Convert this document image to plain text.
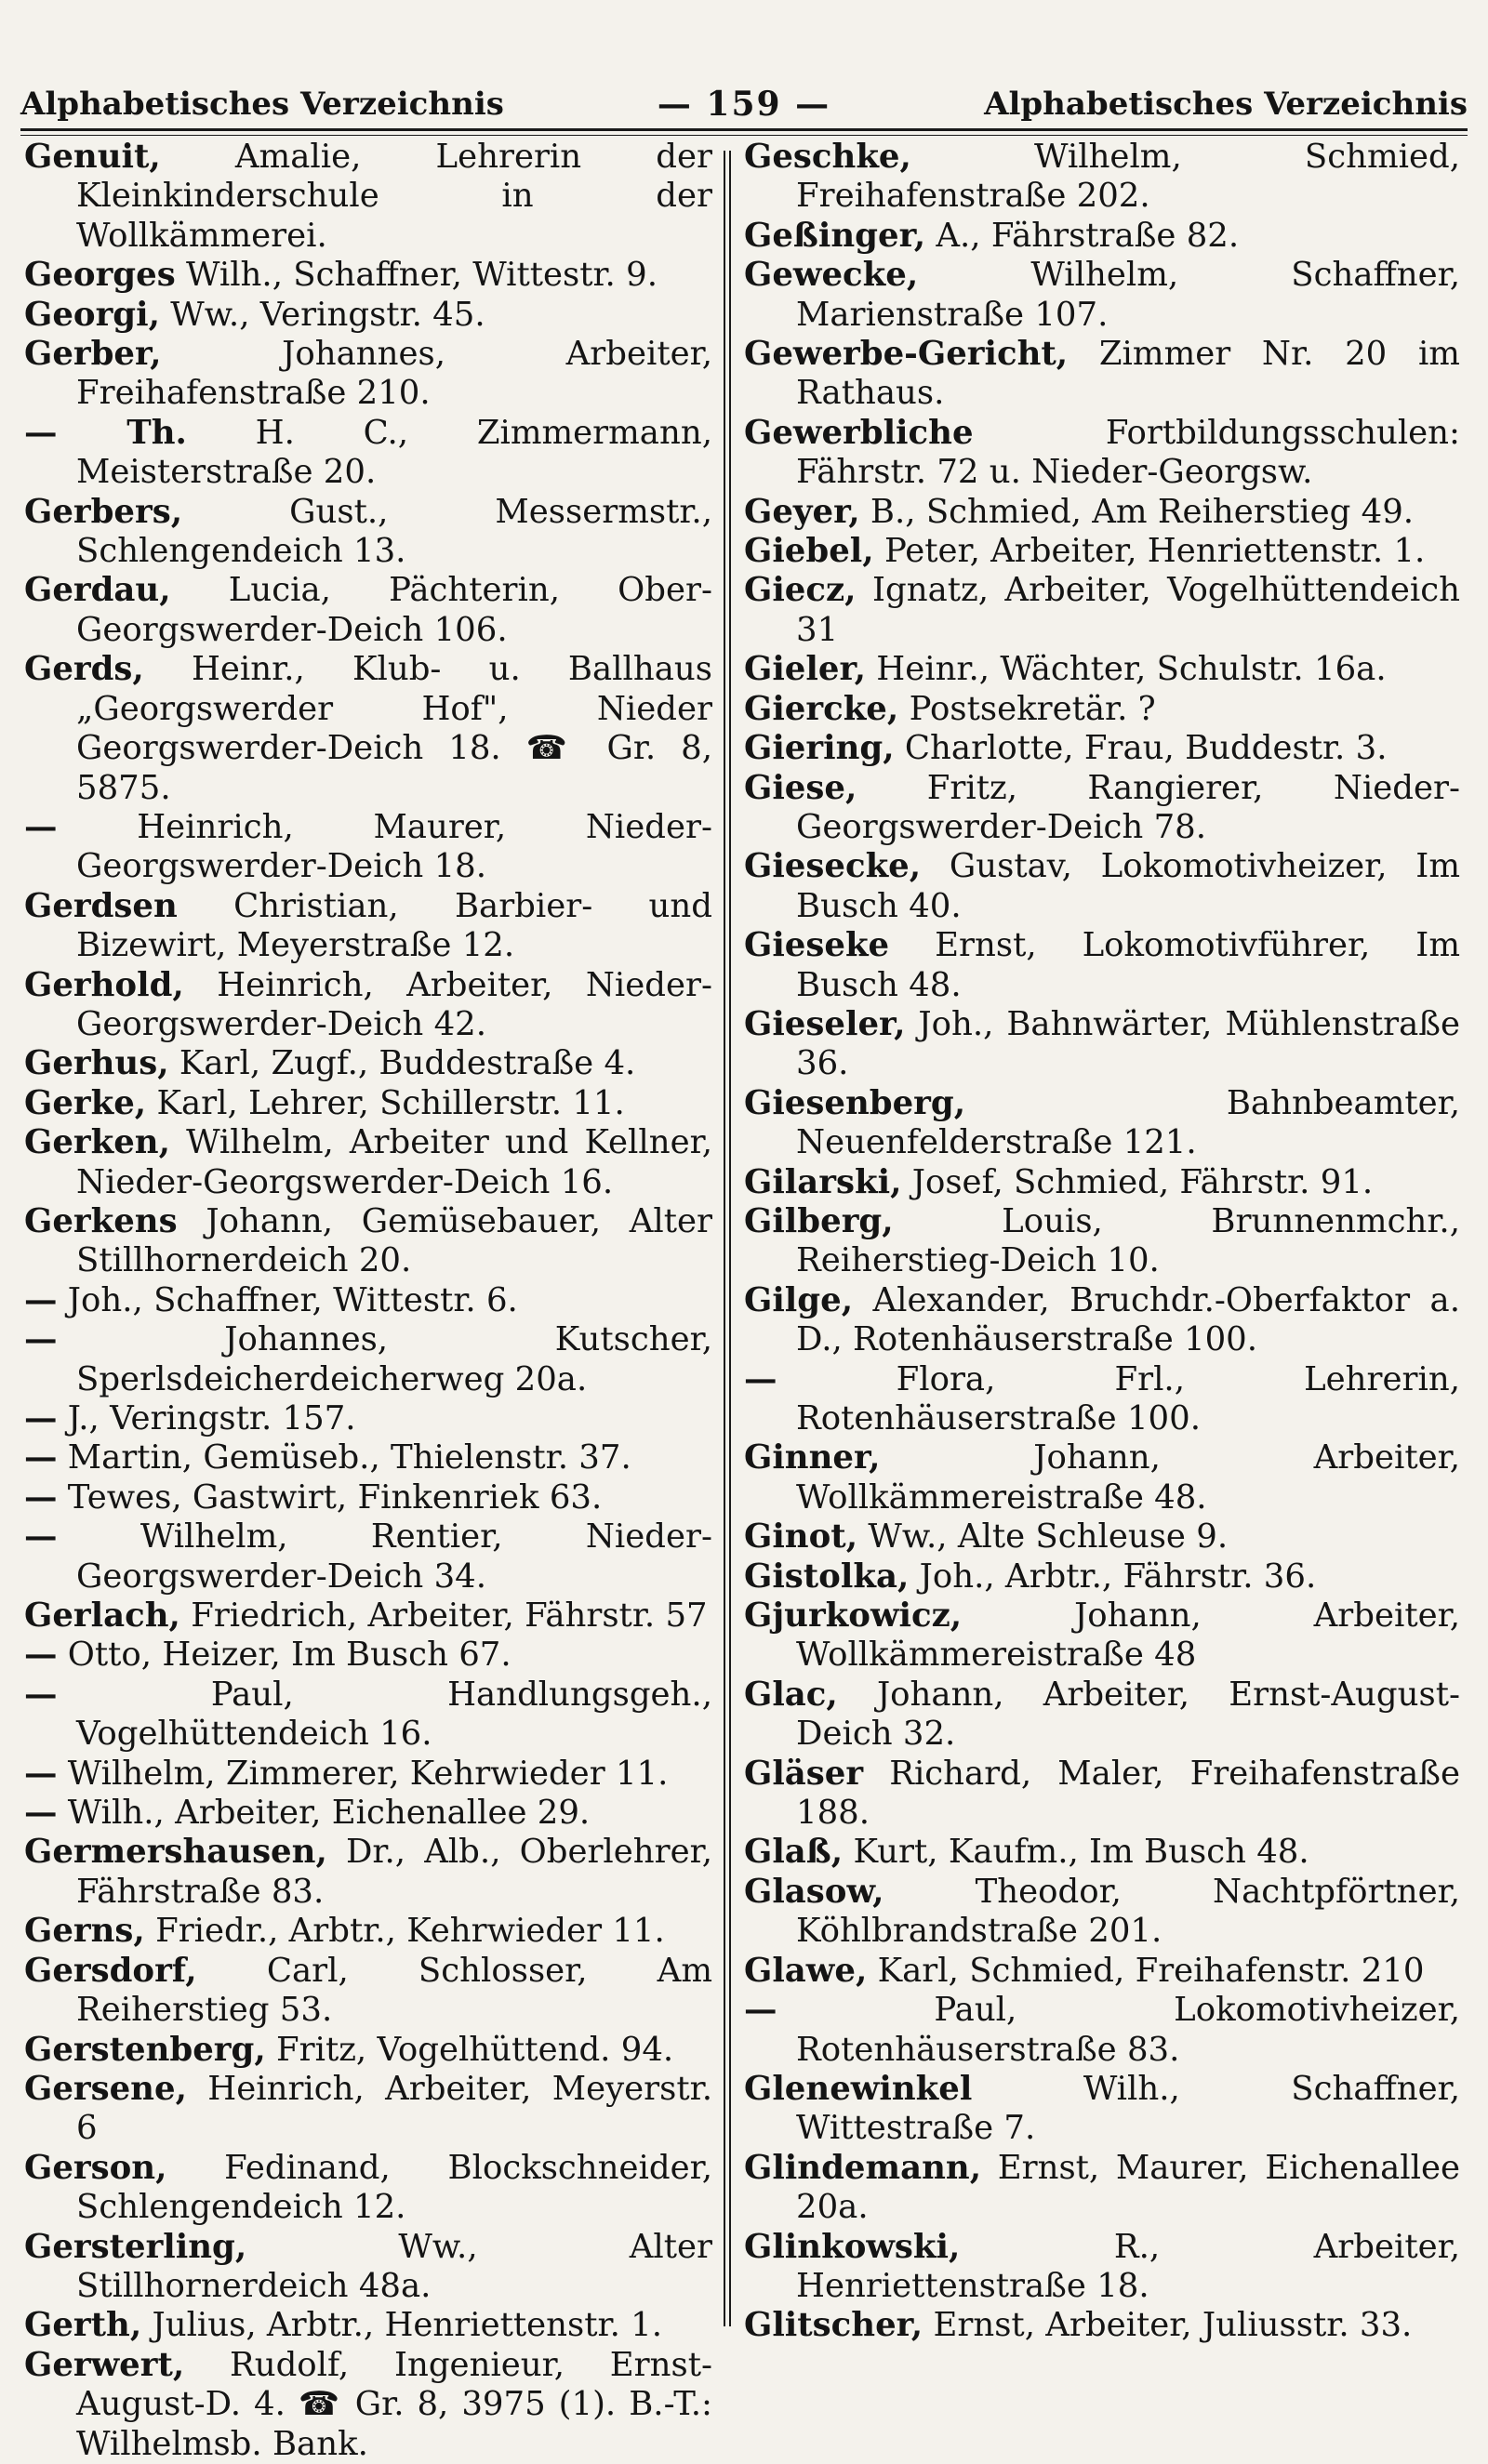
Alphabetisches Verzeichnis	— 159 —	Alphabetisches Verzeichnis
Genuit, Amalie, Lehrerin der Kleinkinderschule in der Wollkämmerei.
Georges Wilh., Schaffner, Wittestr. 9.
Georgi, Ww., Veringstr. 45.
Gerber,	Johannes, Arbeiter, Freihafenstraße 210.
— Th. H. C., Zimmermann, Meisterstraße 20.
Gerbers,	Gust., Messermstr., Schlengendeich 13.
Gerdau, Lucia, Pächterin, Ober-Georgswerder-Deich 106.
Gerds, Heinr., Klub- u. Ballhaus „Georgswerder Hof", Nieder Georgswerder-Deich 18. ☎ Gr. 8, 5875.
— Heinrich, Maurer, Nieder-Georgswerder-Deich 18.
Gerdsen Christian, Barbier- und Bizewirt, Meyerstraße 12.
Gerhold, Heinrich, Arbeiter, Nieder-Georgswerder-Deich 42.
Gerhus, Karl, Zugf., Buddestraße 4.
Gerke, Karl, Lehrer, Schillerstr. 11.
Gerken, Wilhelm, Arbeiter und Kellner, Nieder-Georgswerder-Deich 16.
Gerkens Johann, Gemüsebauer, Alter Stillhornerdeich 20.
— Joh., Schaffner, Wittestr. 6.
—	Johannes, Kutscher, Sperlsdeicherdeicherweg 20a.
— J., Veringstr. 157.
— Martin, Gemüseb., Thielenstr. 37.
— Tewes, Gastwirt, Finkenriek 63.
—	Wilhelm, Rentier, Nieder-Georgswerder-Deich 34.
Gerlach, Friedrich, Arbeiter, Fährstr. 57
— Otto, Heizer, Im Busch 67.
—	Paul, Handlungsgeh., Vogelhüttendeich 16.
— Wilhelm, Zimmerer, Kehrwieder 11.
— Wilh., Arbeiter, Eichenallee 29.
Germershausen, Dr., Alb., Oberlehrer, Fährstraße 83.
Gerns, Friedr., Arbtr., Kehrwieder 11.
Gersdorf, Carl, Schlosser, Am Reiherstieg 53.
Gerstenberg, Fritz, Vogelhüttend. 94.
Gersene, Heinrich, Arbeiter, Meyerstr. 6
Gerson, Fedinand, Blockschneider, Schlengendeich 12.
Gersterling,	Ww., Alter Stillhornerdeich 48a.
Gerth, Julius, Arbtr., Henriettenstr. 1.
Gerwert, Rudolf, Ingenieur, Ernst-August-D. 4. ☎ Gr. 8, 3975 (1). B.-T.: Wilhelmsb. Bank.
Geschke,	Wilhelm, Schmied, Freihafenstraße 202.
Geßinger, A., Fährstraße 82.
Gewecke,	Wilhelm, Schaffner, Marienstraße 107.
Gewerbe-Gericht, Zimmer Nr. 20 im Rathaus.
Gewerbliche	Fortbildungsschulen: Fährstr. 72 u. Nieder-Georgsw.
Geyer, B., Schmied, Am Reiherstieg 49.
Giebel, Peter, Arbeiter, Henriettenstr. 1.
Giecz, Ignatz, Arbeiter, Vogelhüttendeich 31
Gieler, Heinr., Wächter, Schulstr. 16a.
Giercke, Postsekretär. ?
Giering, Charlotte, Frau, Buddestr. 3.
Giese, Fritz, Rangierer, Nieder-Georgswerder-Deich 78.
Giesecke, Gustav, Lokomotivheizer, Im Busch 40.
Gieseke Ernst, Lokomotivführer, Im Busch 48.
Gieseler, Joh., Bahnwärter, Mühlenstraße 36.
Giesenberg,	Bahnbeamter, Neuenfelderstraße 121.
Gilarski, Josef, Schmied, Fährstr. 91.
Gilberg,	Louis, Brunnenmchr., Reiherstieg-Deich 10.
Gilge, Alexander, Bruchdr.-Oberfaktor a. D., Rotenhäuserstraße 100.
—	Flora, Frl., Lehrerin, Rotenhäuserstraße 100.
Ginner,	Johann, Arbeiter, Wollkämmereistraße 48.
Ginot, Ww., Alte Schleuse 9.
Gistolka, Joh., Arbtr., Fährstr. 36.
Gjurkowicz,	Johann, Arbeiter, Wollkämmereistraße 48
Glac, Johann, Arbeiter, Ernst-August-Deich 32.
Gläser Richard, Maler, Freihafenstraße 188.
Glaß, Kurt, Kaufm., Im Busch 48.
Glasow,	Theodor, Nachtpförtner, Köhlbrandstraße 201.
Glawe, Karl, Schmied, Freihafenstr. 210
—	Paul, Lokomotivheizer, Rotenhäuserstraße 83.
Glenewinkel	Wilh., Schaffner, Wittestraße 7.
Glindemann, Ernst, Maurer, Eichenallee 20a.
Glinkowski,	R., Arbeiter, Henriettenstraße 18.
Glitscher, Ernst, Arbeiter, Juliusstr. 33.
